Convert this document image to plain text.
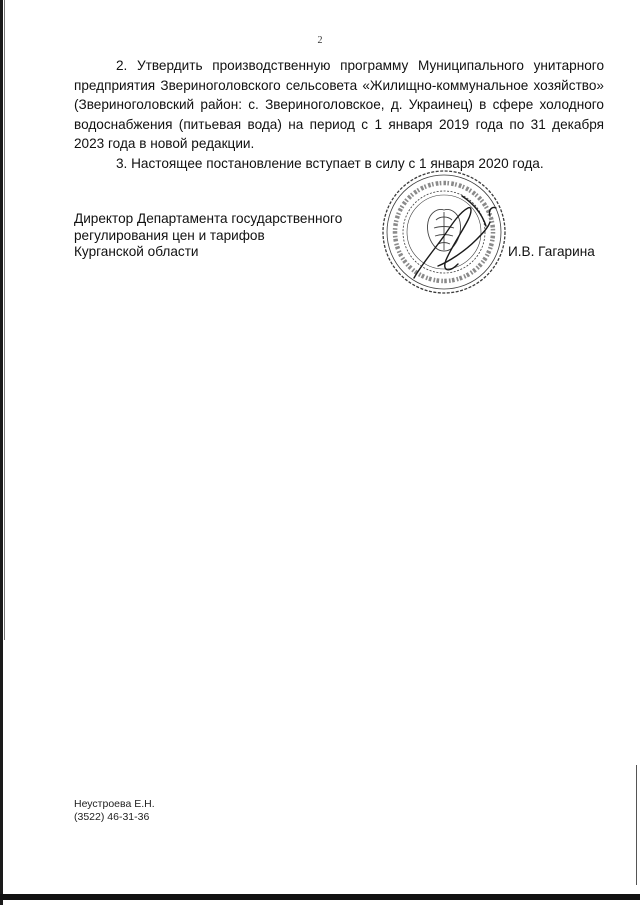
2

2. Утвердить производственную программу Муниципального унитарного предприятия Звериноголовского сельсовета «Жилищно-коммунальное хозяйство» (Звериноголовский район: с. Звериноголовское, д. Украинец) в сфере холодного водоснабжения (питьевая вода) на период с 1 января 2019 года по 31 декабря 2023 года в новой редакции.

3. Настоящее постановление вступает в силу с 1 января 2020 года.

Директор Департамента государственного
регулирования цен и тарифов
Курганской области	И.В. Гагарина
Неустроева Е.Н.
(3522) 46-31-36
